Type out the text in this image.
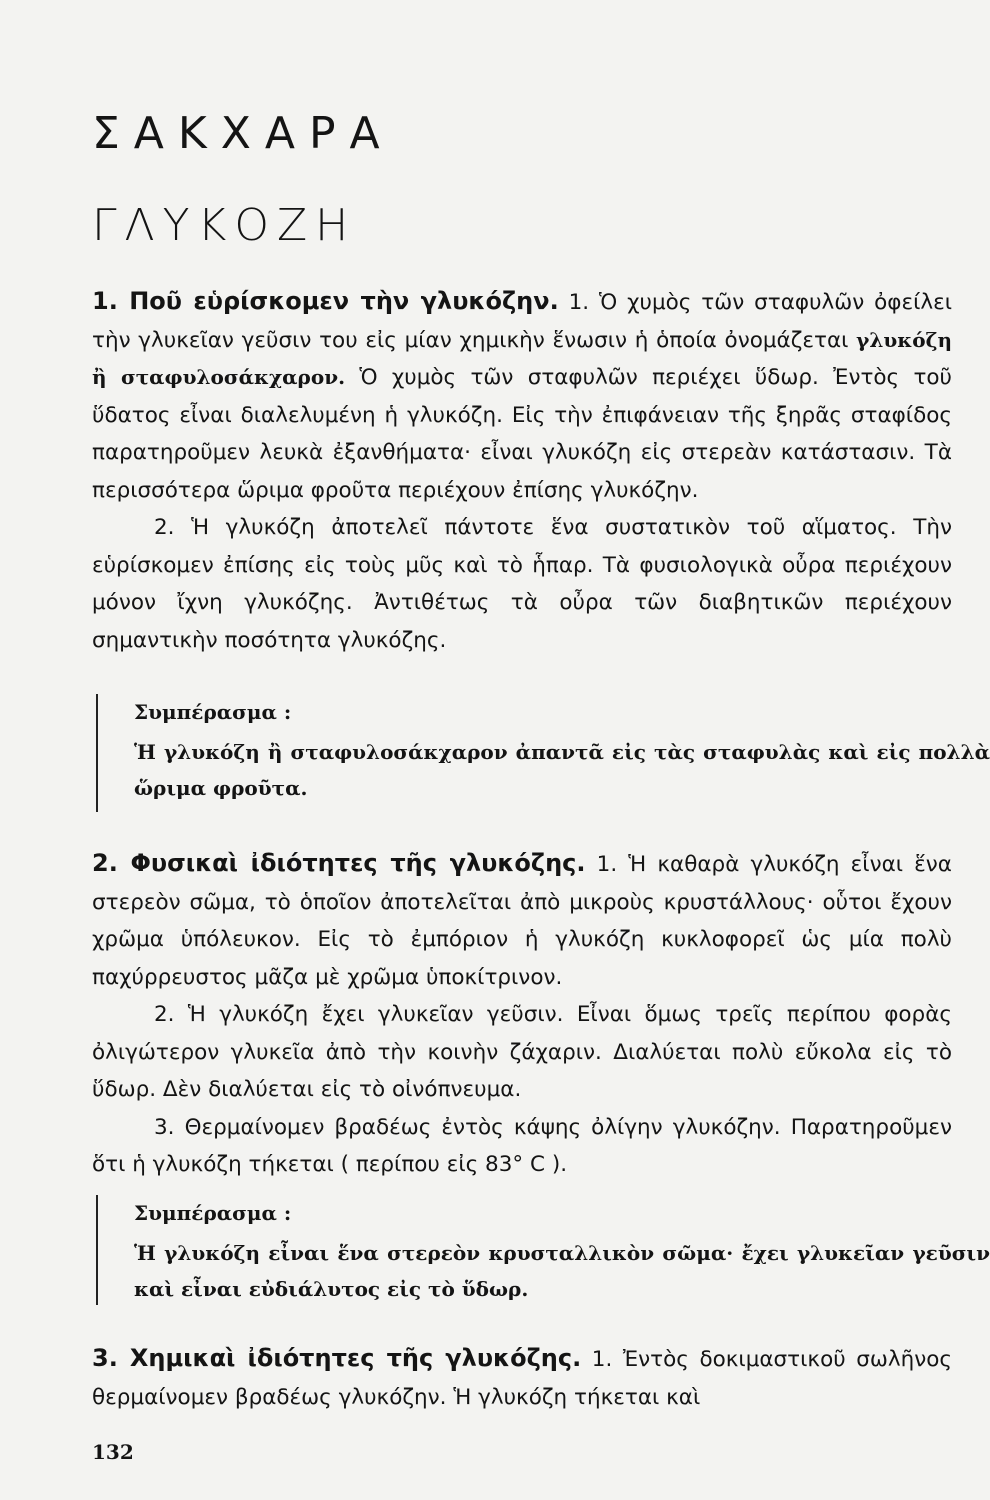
ΣΑΚΧΑΡΑ
ΓΛΥΚΟΖΗ

1. Ποῦ εὑρίσκομεν τὴν γλυκόζην. 1. Ὁ χυμὸς τῶν σταφυλῶν ὀφείλει τὴν γλυκεῖαν γεῦσιν του εἰς μίαν χημικὴν ἕνωσιν ἡ ὁποία ὀνομάζεται γλυκόζη ἢ σταφυλοσάκχαρον. Ὁ χυμὸς τῶν σταφυλῶν περιέχει ὕδωρ. Ἐντὸς τοῦ ὕδατος εἶναι διαλελυμένη ἡ γλυκόζη. Εἰς τὴν ἐπιφάνειαν τῆς ξηρᾶς σταφίδος παρατηροῦμεν λευκὰ ἐξανθήματα· εἶναι γλυκόζη εἰς στερεὰν κατάστασιν. Τὰ περισσότερα ὥριμα φροῦτα περιέχουν ἐπίσης γλυκόζην.

2. Ἡ γλυκόζη ἀποτελεῖ πάντοτε ἕνα συστατικὸν τοῦ αἵματος. Τὴν εὑρίσκομεν ἐπίσης εἰς τοὺς μῦς καὶ τὸ ἧπαρ. Τὰ φυσιολογικὰ οὖρα περιέχουν μόνον ἴχνη γλυκόζης. Ἀντιθέτως τὰ οὖρα τῶν διαβητικῶν περιέχουν σημαντικὴν ποσότητα γλυκόζης.

Συμπέρασμα :
Ἡ γλυκόζη ἢ σταφυλοσάκχαρον ἀπαντᾶ εἰς τὰς σταφυλὰς καὶ εἰς πολλὰ ὥριμα φροῦτα.

2. Φυσικαὶ ἰδιότητες τῆς γλυκόζης. 1. Ἡ καθαρὰ γλυκόζη εἶναι ἕνα στερεὸν σῶμα, τὸ ὁποῖον ἀποτελεῖται ἀπὸ μικροὺς κρυστάλλους· οὗτοι ἔχουν χρῶμα ὑπόλευκον. Εἰς τὸ ἐμπόριον ἡ γλυκόζη κυκλοφορεῖ ὡς μία πολὺ παχύρρευστος μᾶζα μὲ χρῶμα ὑποκίτρινον.

2. Ἡ γλυκόζη ἔχει γλυκεῖαν γεῦσιν. Εἶναι ὅμως τρεῖς περίπου φορὰς ὀλιγώτερον γλυκεῖα ἀπὸ τὴν κοινὴν ζάχαριν. Διαλύεται πολὺ εὔκολα εἰς τὸ ὕδωρ. Δὲν διαλύεται εἰς τὸ οἰνόπνευμα.

3. Θερμαίνομεν βραδέως ἐντὸς κάψης ὀλίγην γλυκόζην. Παρατηροῦμεν ὅτι ἡ γλυκόζη τήκεται ( περίπου εἰς 83° C ).

Συμπέρασμα :
Ἡ γλυκόζη εἶναι ἕνα στερεὸν κρυσταλλικὸν σῶμα· ἔχει γλυκεῖαν γεῦσιν καὶ εἶναι εὐδιάλυτος εἰς τὸ ὕδωρ.

3. Χημικαὶ ἰδιότητες τῆς γλυκόζης. 1. Ἐντὸς δοκιμαστικοῦ σωλῆνος θερμαίνομεν βραδέως γλυκόζην. Ἡ γλυκόζη τήκεται καὶ

132
